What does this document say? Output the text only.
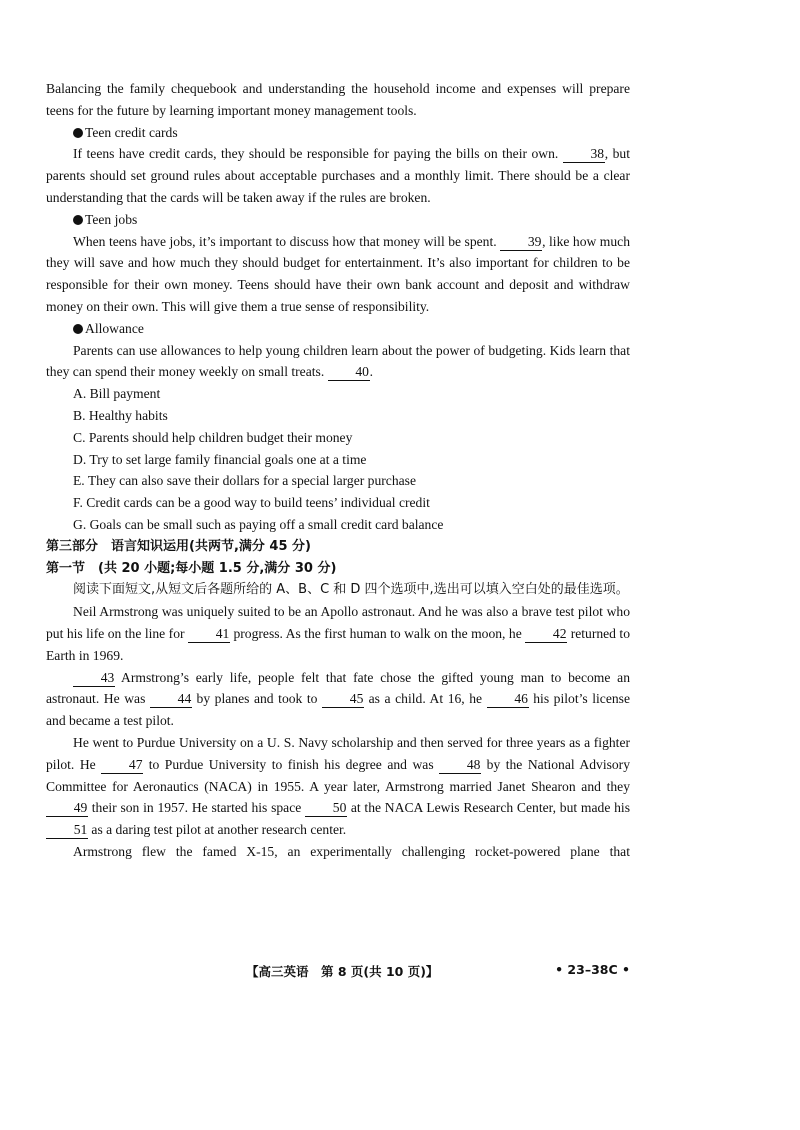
Balancing the family chequebook and understanding the household income and expenses will prepare teens for the future by learning important money management tools.

Teen credit cards

If teens have credit cards, they should be responsible for paying the bills on their own. 38, but parents should set ground rules about acceptable purchases and a monthly limit. There should be a clear understanding that the cards will be taken away if the rules are broken.

Teen jobs

When teens have jobs, it’s important to discuss how that money will be spent. 39, like how much they will save and how much they should budget for entertainment. It’s also important for children to be responsible for their own money. Teens should have their own bank account and deposit and withdraw money on their own. This will give them a true sense of responsibility.

Allowance

Parents can use allowances to help young children learn about the power of budgeting. Kids learn that they can spend their money weekly on small treats. 40.

A. Bill payment

B. Healthy habits

C. Parents should help children budget their money

D. Try to set large family financial goals one at a time

E. They can also save their dollars for a special larger purchase

F. Credit cards can be a good way to build teens’ individual credit

G. Goals can be small such as paying off a small credit card balance

第三部分　语言知识运用(共两节,满分 45 分)

第一节　(共 20 小题;每小题 1.5 分,满分 30 分)

阅读下面短文,从短文后各题所给的 A、B、C 和 D 四个选项中,选出可以填入空白处的最佳选项。

Neil Armstrong was uniquely suited to be an Apollo astronaut. And he was also a brave test pilot who put his life on the line for 41 progress. As the first human to walk on the moon, he 42 returned to Earth in 1969.

43 Armstrong’s early life, people felt that fate chose the gifted young man to become an astronaut. He was 44 by planes and took to 45 as a child. At 16, he 46 his pilot’s license and became a test pilot.

He went to Purdue University on a U. S. Navy scholarship and then served for three years as a fighter pilot. He 47 to Purdue University to finish his degree and was 48 by the National Advisory Committee for Aeronautics (NACA) in 1955. A year later, Armstrong married Janet Shearon and they 49 their son in 1957. He started his space 50 at the NACA Lewis Research Center, but made his 51 as a daring test pilot at another research center.

Armstrong flew the famed X-15, an experimentally challenging rocket-powered plane that

【高三英语　第 8 页(共 10 页)】	• 23–38C •
